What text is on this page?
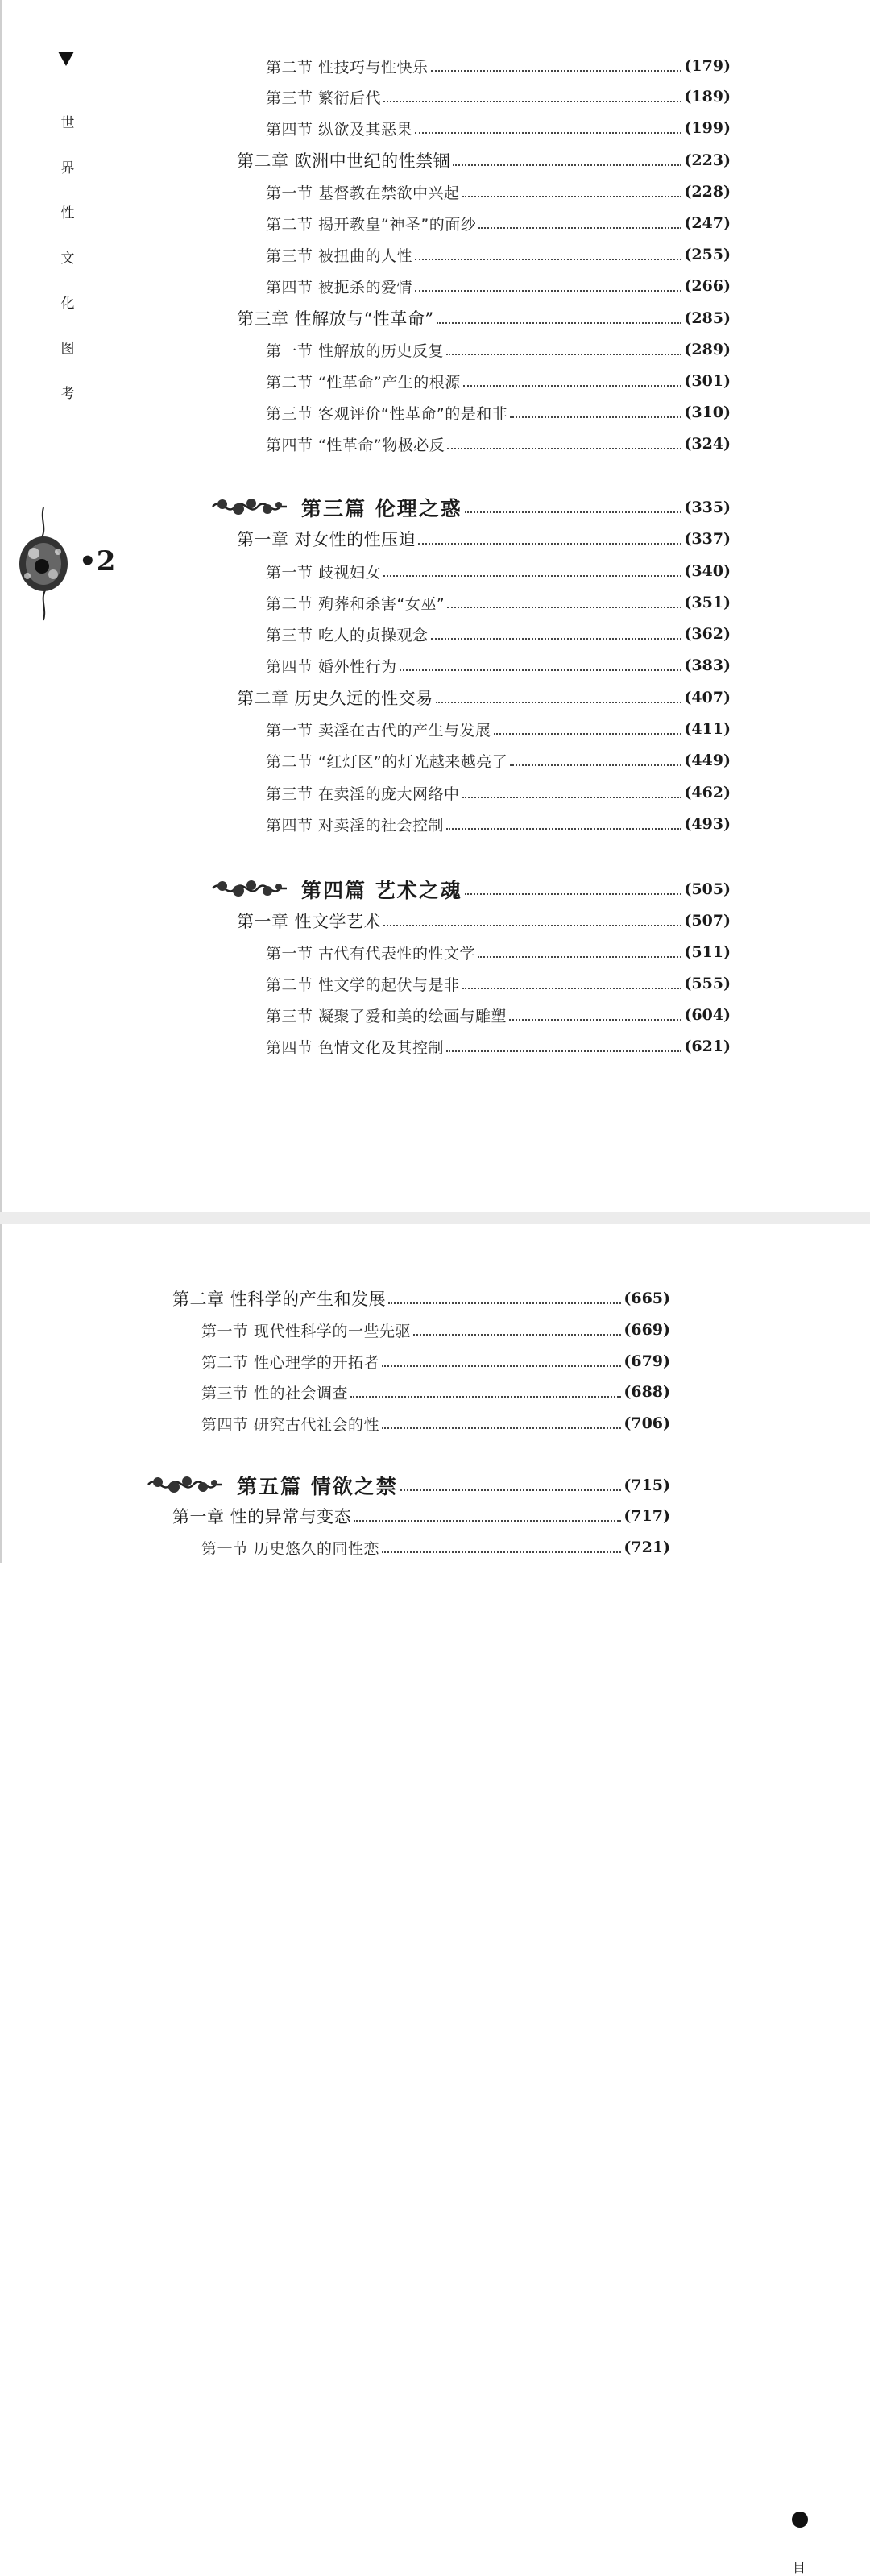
世
界
性
文
化
图
考
•2
第二节 性技巧与性快乐	(179)
第三节 繁衍后代	(189)
第四节 纵欲及其恶果	(199)
第二章 欧洲中世纪的性禁锢	(223)
第一节 基督教在禁欲中兴起	(228)
第二节 揭开教皇“神圣”的面纱	(247)
第三节 被扭曲的人性	(255)
第四节 被扼杀的爱情	(266)
第三章 性解放与“性革命”	(285)
第一节 性解放的历史反复	(289)
第二节 “性革命”产生的根源	(301)
第三节 客观评价“性革命”的是和非	(310)
第四节 “性革命”物极必反	(324)
第三篇 伦理之惑	(335)
第一章 对女性的性压迫	(337)
第一节 歧视妇女	(340)
第二节 殉葬和杀害“女巫”	(351)
第三节 吃人的贞操观念	(362)
第四节 婚外性行为	(383)
第二章 历史久远的性交易	(407)
第一节 卖淫在古代的产生与发展	(411)
第二节 “红灯区”的灯光越来越亮了	(449)
第三节 在卖淫的庞大网络中	(462)
第四节 对卖淫的社会控制	(493)
第四篇 艺术之魂	(505)
第一章 性文学艺术	(507)
第一节 古代有代表性的性文学	(511)
第二节 性文学的起伏与是非	(555)
第三节 凝聚了爱和美的绘画与雕塑	(604)
第四节 色情文化及其控制	(621)
目
第二章 性科学的产生和发展	(665)
第一节 现代性科学的一些先驱	(669)
第二节 性心理学的开拓者	(679)
第三节 性的社会调查	(688)
第四节 研究古代社会的性	(706)
第五篇 情欲之禁	(715)
第一章 性的异常与变态	(717)
第一节 历史悠久的同性恋	(721)
